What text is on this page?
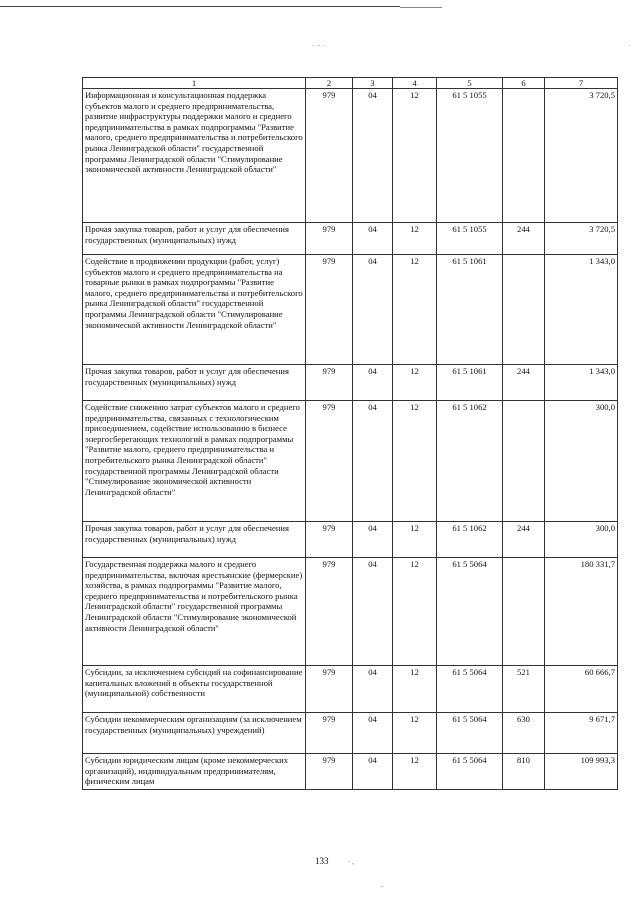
· ·· ·	·
1	2	3	4	5	6	7
Информационная и консультационная поддержка субъектов малого и среднего предпринимательства, развитие инфраструктуры поддержки малого и среднего предпринимательства в рамках подпрограммы "Развитие малого, среднего предпринимательства и потребительского рынка Ленинградской области" государственной программы Ленинградской области "Стимулирование экономической активности Ленинградской области"	979	04	12	61 5 1055		3 720,5
Прочая закупка товаров, работ и услуг для обеспечения государственных (муниципальных) нужд	979	04	12	61 5 1055	244	3 720,5
Содействие в продвижении продукции (работ, услуг) субъектов малого и среднего предпринимательства на товарные рынки в рамках подпрограммы "Развитие малого, среднего предпринимательства и потребительского рынка Ленинградской области" государственной программы Ленинградской области "Стимулирование экономической активности Ленинградской области"	979	04	12	61 5 1061		1 343,0
Прочая закупка товаров, работ и услуг для обеспечения государственных (муниципальных) нужд	979	04	12	61 5 1061	244	1 343,0
Содействие снижению затрат субъектов малого и среднего предпринимательства, связанных с технологическим присоединением, содействие использованию в бизнесе энергосберегающих технологий в рамках подпрограммы "Развитие малого, среднего предпринимательства и потребительского рынка Ленинградской области" государственной программы Ленинградской области "Стимулирование экономической активности Ленинградской области"	979	04	12	61 5 1062		300,0
Прочая закупка товаров, работ и услуг для обеспечения государственных (муниципальных) нужд	979	04	12	61 5 1062	244	300,0
Государственная поддержка малого и среднего предпринимательства, включая крестьянские (фермерские) хозяйства, в рамках подпрограммы "Развитие малого, среднего предпринимательства и потребительского рынка Ленинградской области" государственной программы Ленинградской области "Стимулирование экономической активности Ленинградской области"	979	04	12	61 5 5064		180 331,7
Субсидии, за исключением субсидий на софинансирование капитальных вложений в объекты государственной (муниципальной) собственности	979	04	12	61 5 5064	521	60 666,7
Субсидии некоммерческим организациям (за исключением государственных (муниципальных) учреждений)	979	04	12	61 5 5064	630	9 671,7
Субсидии юридическим лицам (кроме некоммерческих организаций), индивидуальным предпринимателям, физическим лицам	979	04	12	61 5 5064	810	109 993,3
133	· ,
-
